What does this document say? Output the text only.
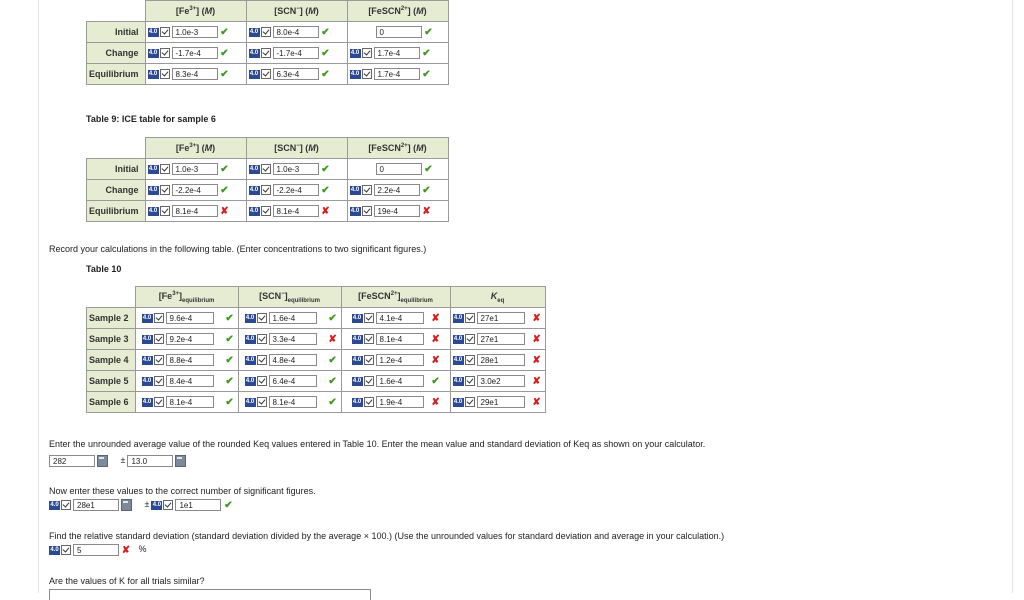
	$[Fe^{3+}]$ (M)	[SCN−] (M)	[FeSCN$^{2+}$] (M)
Initial	4.0 1.0e-3 ✔	4.0 8.0e-4 ✔	0 ✔
Change	4.0 -1.7e-4 ✔	4.0 -1.7e-4 ✔	4.0 1.7e-4 ✔
Equilibrium	4.0 8.3e-4 ✔	4.0 6.3e-4 ✔	4.0 1.7e-4 ✔
Table 9: ICE table for sample 6
	$[Fe^{3+}]$ (M)	[SCN−] (M)	[FeSCN$^{2+}$] (M)
Initial	4.0 1.0e-3 ✔	4.0 1.0e-3 ✔	0 ✔
Change	4.0 -2.2e-4 ✔	4.0 -2.2e-4 ✔	4.0 2.2e-4 ✔
Equilibrium	4.0 8.1e-4 ✘	4.0 8.1e-4 ✘	4.0 19e-4 ✘
Record your calculations in the following table. (Enter concentrations to two significant figures.)
Table 10
	$[Fe^{3+}]_{equilibrium}$	$[SCN^-]_{equilibrium}$	$[FeSCN^{2+}]_{equilibrium}$	$K_{eq}$
Sample 2	4.0 9.6e-4 ✔	4.0 1.6e-4 ✔	4.0 4.1e-4 ✘	4.0 27e1 ✘
Sample 3	4.0 9.2e-4 ✔	4.0 3.3e-4 ✘	4.0 8.1e-4 ✘	4.0 27e1 ✘
Sample 4	4.0 8.8e-4 ✔	4.0 4.8e-4 ✔	4.0 1.2e-4 ✘	4.0 28e1 ✘
Sample 5	4.0 8.4e-4 ✔	4.0 6.4e-4 ✔	4.0 1.6e-4 ✔	4.0 3.0e2 ✘
Sample 6	4.0 8.1e-4 ✔	4.0 8.1e-4 ✔	4.0 1.9e-4 ✘	4.0 29e1 ✘
Enter the unrounded average value of the rounded Keq values entered in Table 10. Enter the mean value and standard deviation of Keq as shown on your calculator.
282	± 13.0
Now enter these values to the correct number of significant figures.
4.0 28e1	± 4.0 1e1	✔
Find the relative standard deviation (standard deviation divided by the average × 100.) (Use the unrounded values for standard deviation and average in your calculation.)
4.0 5	✘ %
Are the values of K for all trials similar?
